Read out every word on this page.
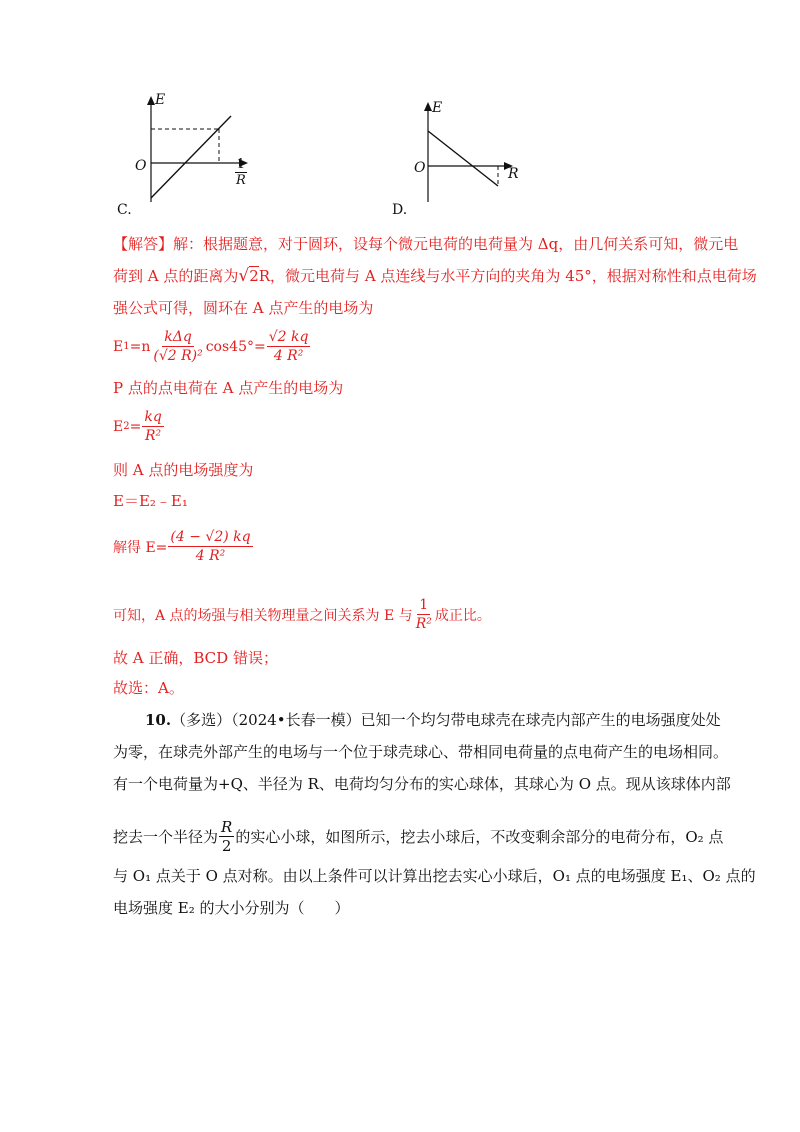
E
O	$\frac{1}{R}$
C.
E
O	R
D.
【解答】解：根据题意，对于圆环，设每个微元电荷的电荷量为 Δq，由几何关系可知，微元电
荷到 A 点的距离为√2R，微元电荷与 A 点连线与水平方向的夹角为 45°，根据对称性和点电荷场
强公式可得，圆环在 A 点产生的电场为
E $1 =n \frac{\text{kΔq}}{\text{(√2 R)²}} \cos 45^\circ= \frac{√2 kq}{\text{4 R²}}$
P 点的点电荷在 A 点产生的电场为
E $2 = \frac{kq}{\text{R²}}$
则 A 点的电场强度为
E＝E₂﹣E₁
解得 $E= \frac{(4 - √2) kq}{\text{4 R²}}$
可知，A 点的场强与相关物理量之间关系为 E 与 $\frac{1}{\text{R²}}$ 成正比。
故 A 正确，BCD 错误；
故选：A。
10.（多选）（2024•长春一模）已知一个均匀带电球壳在球壳内部产生的电场强度处处
为零，在球壳外部产生的电场与一个位于球壳球心、带相同电荷量的点电荷产生的电场相同。
有一个电荷量为+Q、半径为 R、电荷均匀分布的实心球体，其球心为 O 点。现从该球体内部
挖去一个半径为 $\frac{R}{2}$ 的实心小球，如图所示，挖去小球后，不改变剩余部分的电荷分布，O₂ 点
与 O₁ 点关于 O 点对称。由以上条件可以计算出挖去实心小球后，O₁ 点的电场强度 E₁、O₂ 点的
电场强度 E₂ 的大小分别为（　　）
